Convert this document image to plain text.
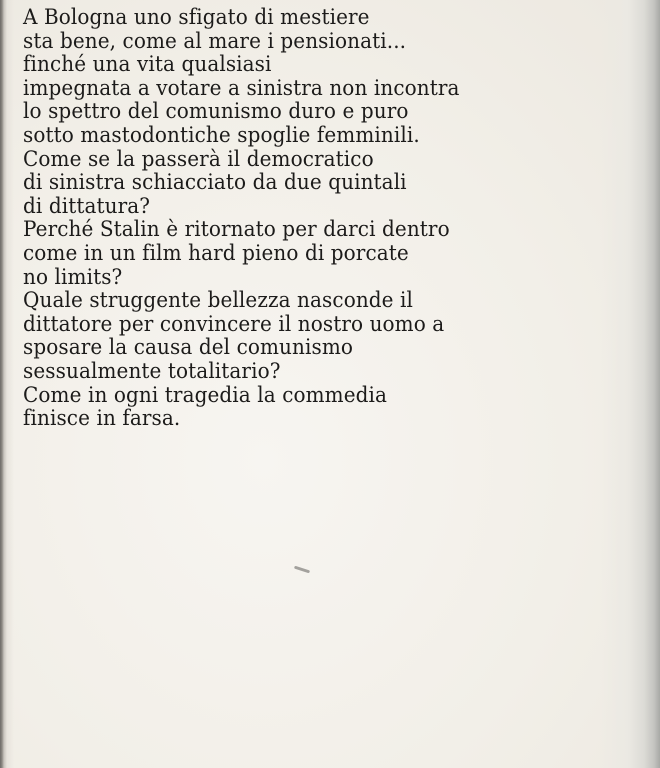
A Bologna uno sfigato di mestiere
sta bene, come al mare i pensionati...
finché una vita qualsiasi
impegnata a votare a sinistra non incontra
lo spettro del comunismo duro e puro
sotto mastodontiche spoglie femminili.
Come se la passerà il democratico
di sinistra schiacciato da due quintali
di dittatura?
Perché Stalin è ritornato per darci dentro
come in un film hard pieno di porcate
no limits?
Quale struggente bellezza nasconde il
dittatore per convincere il nostro uomo a
sposare la causa del comunismo
sessualmente totalitario?
Come in ogni tragedia la commedia
finisce in farsa.
